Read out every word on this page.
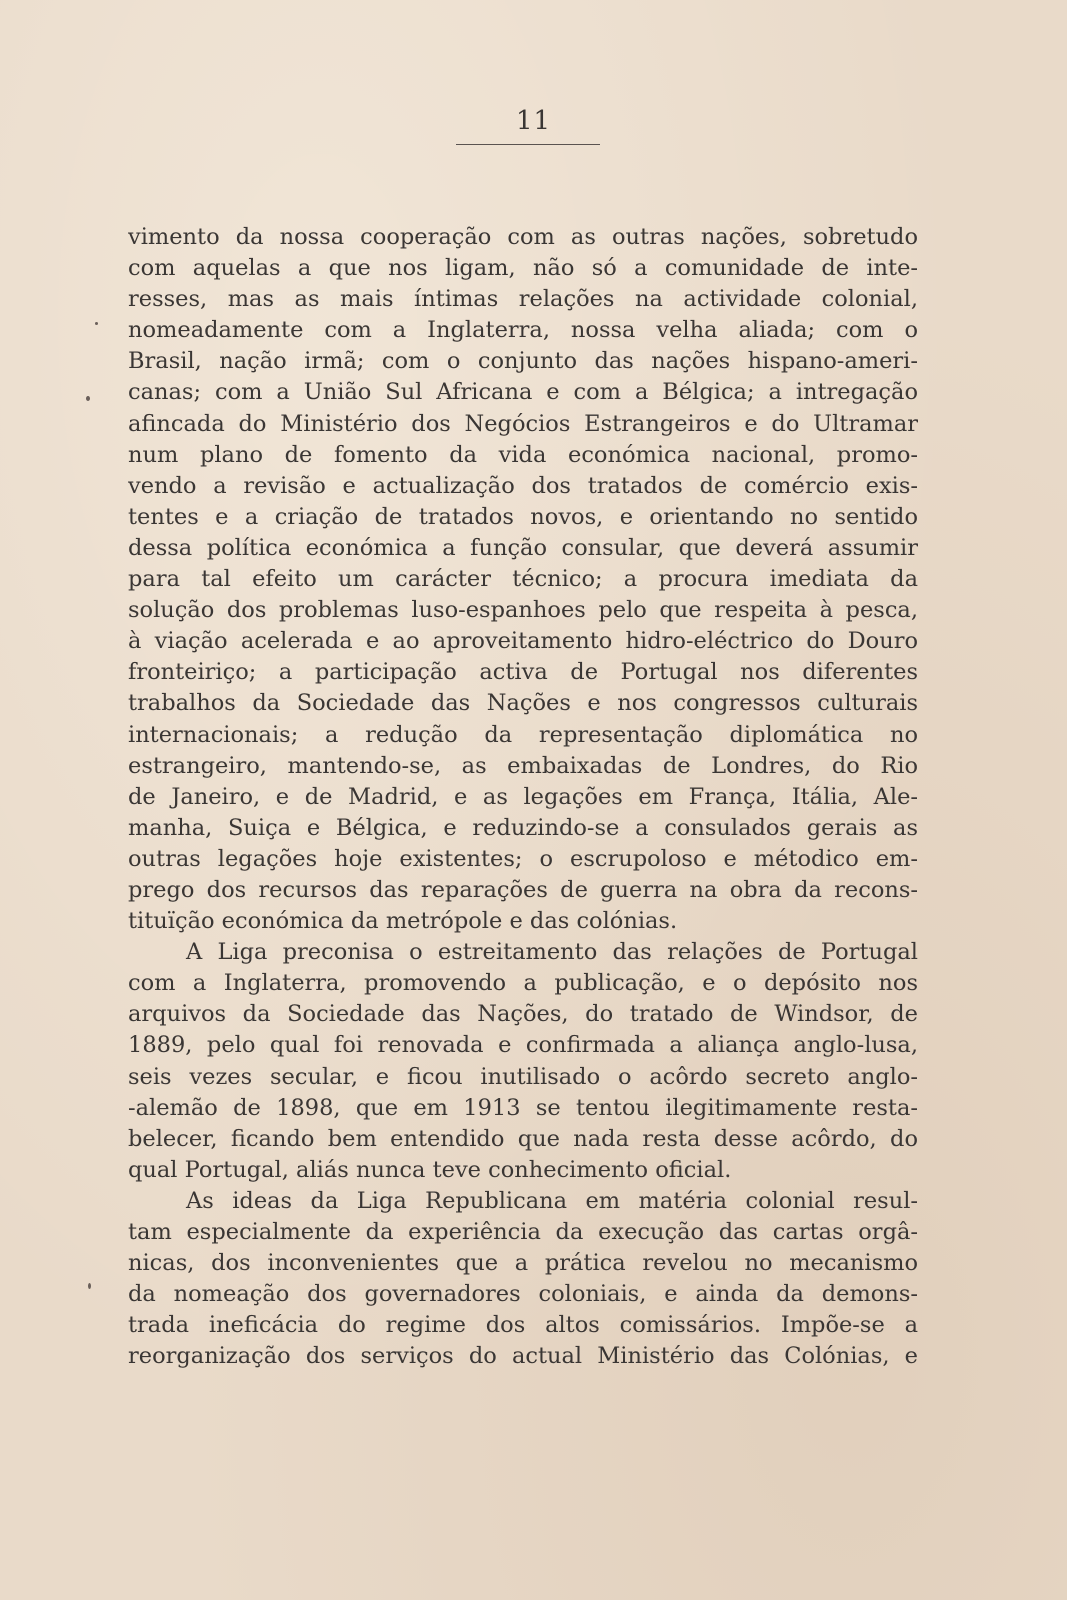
11
vimento da nossa cooperação com as outras nações, sobretudo
com aquelas a que nos ligam, não só a comunidade de inte-
resses, mas as mais íntimas relações na actividade colonial,
nomeadamente com a Inglaterra, nossa velha aliada; com o
Brasil, nação irmã; com o conjunto das nações hispano-ameri-
canas; com a União Sul Africana e com a Bélgica; a intregação
afincada do Ministério dos Negócios Estrangeiros e do Ultramar
num plano de fomento da vida económica nacional, promo-
vendo a revisão e actualização dos tratados de comércio exis-
tentes e a criação de tratados novos, e orientando no sentido
dessa política económica a função consular, que deverá assumir
para tal efeito um carácter técnico; a procura imediata da
solução dos problemas luso-espanhoes pelo que respeita à pesca,
à viação acelerada e ao aproveitamento hidro-eléctrico do Douro
fronteiriço; a participação activa de Portugal nos diferentes
trabalhos da Sociedade das Nações e nos congressos culturais
internacionais; a redução da representação diplomática no
estrangeiro, mantendo-se, as embaixadas de Londres, do Rio
de Janeiro, e de Madrid, e as legações em França, Itália, Ale-
manha, Suiça e Bélgica, e reduzindo-se a consulados gerais as
outras legações hoje existentes; o escrupoloso e métodico em-
prego dos recursos das reparações de guerra na obra da recons-
tituïção económica da metrópole e das colónias.
A Liga preconisa o estreitamento das relações de Portugal
com a Inglaterra, promovendo a publicação, e o depósito nos
arquivos da Sociedade das Nações, do tratado de Windsor, de
1889, pelo qual foi renovada e confirmada a aliança anglo-lusa,
seis vezes secular, e ficou inutilisado o acôrdo secreto anglo-
-alemão de 1898, que em 1913 se tentou ilegitimamente resta-
belecer, ficando bem entendido que nada resta desse acôrdo, do
qual Portugal, aliás nunca teve conhecimento oficial.
As ideas da Liga Republicana em matéria colonial resul-
tam especialmente da experiência da execução das cartas orgâ-
nicas, dos inconvenientes que a prática revelou no mecanismo
da nomeação dos governadores coloniais, e ainda da demons-
trada ineficácia do regime dos altos comissários. Impõe-se a
reorganização dos serviços do actual Ministério das Colónias, e
